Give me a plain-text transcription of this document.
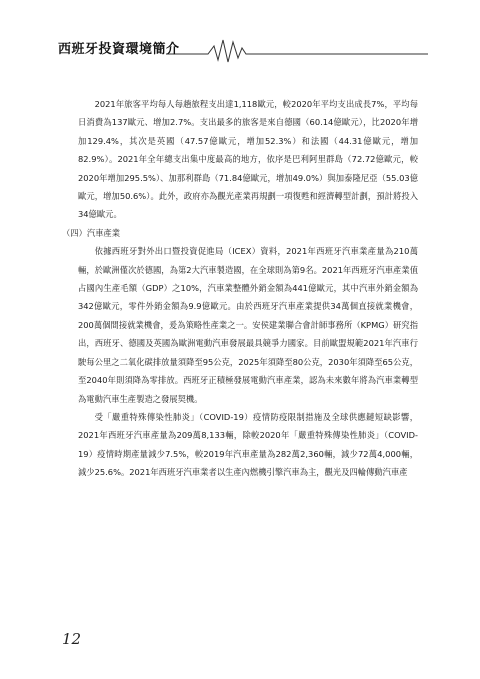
西班牙投資環境簡介

2021年旅客平均每人每趟旅程支出達1,118歐元，較2020年平均支出成長7%，平均每日消費為137歐元、增加2.7%。支出最多的旅客是來自德國（60.14億歐元），比2020年增加129.4%，其次是英國（47.57億歐元，增加52.3%）和法國（44.31億歐元，增加82.9%）。2021年全年總支出集中度最高的地方，依序是巴利阿里群島（72.72億歐元，較2020年增加295.5%）、加那利群島（71.84億歐元，增加49.0%）與加泰隆尼亞（55.03億歐元，增加50.6%）。此外，政府亦為觀光產業再規劃一項復甦和經濟轉型計劃，預計將投入34億歐元。

（四）汽車產業

依據西班牙對外出口暨投資促進局（ICEX）資料，2021年西班牙汽車業產量為210萬輛，於歐洲僅次於德國，為第2大汽車製造國，在全球則為第9名。2021年西班牙汽車產業值占國內生產毛額（GDP）之10%，汽車業整體外銷金額為441億歐元，其中汽車外銷金額為342億歐元，零件外銷金額為9.9億歐元。由於西班牙汽車產業提供34萬個直接就業機會，200萬個間接就業機會，爰為策略性產業之一。安侯建業聯合會計師事務所（KPMG）研究指出，西班牙、德國及英國為歐洲電動汽車發展最具競爭力國家。目前歐盟規範2021年汽車行駛每公里之二氧化碳排放量須降至95公克，2025年須降至80公克，2030年須降至65公克，至2040年則須降為零排放。西班牙正積極發展電動汽車產業，認為未來數年將為汽車業轉型為電動汽車生產製造之發展契機。

受「嚴重特殊傳染性肺炎」（COVID-19）疫情防疫限制措施及全球供應鏈短缺影響，2021年西班牙汽車產量為209萬8,133輛，除較2020年「嚴重特殊傳染性肺炎」（COVID-19）疫情時期產量減少7.5%，較2019年汽車產量為282萬2,360輛，減少72萬4,000輛，減少25.6%。2021年西班牙汽車業者以生產內燃機引擎汽車為主，觀光及四輪傳動汽車產

12
